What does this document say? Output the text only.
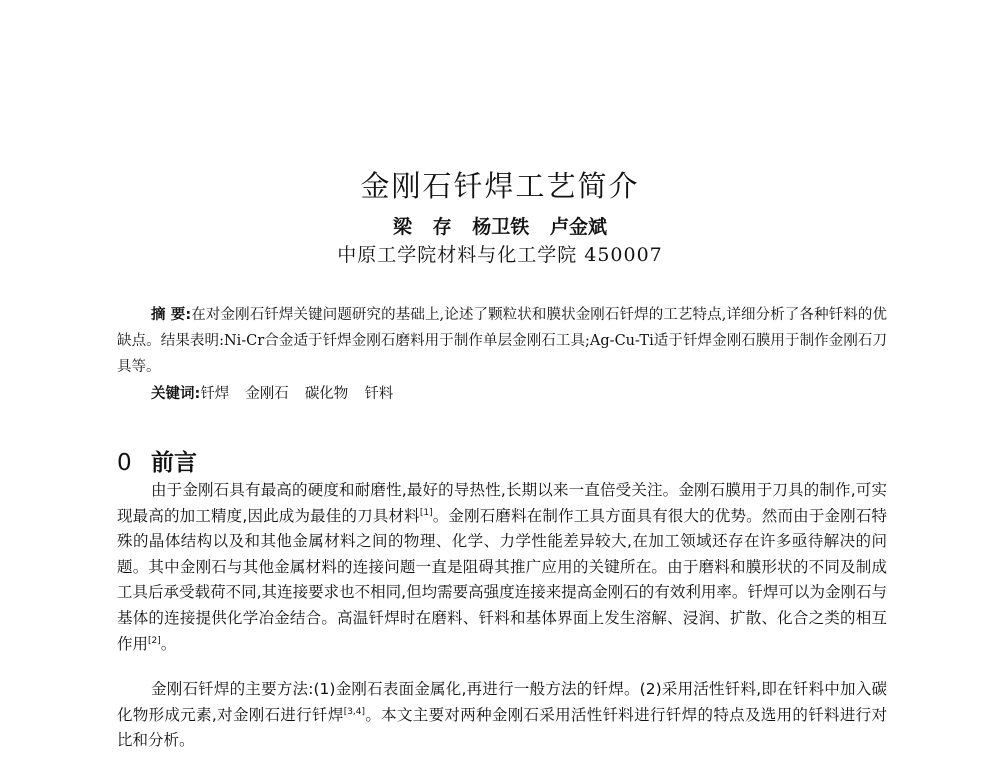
金刚石钎焊工艺简介
梁 存 杨卫铁 卢金斌
中原工学院材料与化工学院 450007

摘 要:在对金刚石钎焊关键问题研究的基础上,论述了颗粒状和膜状金刚石钎焊的工艺特点,详细分析了各种钎料的优缺点。结果表明:Ni-Cr合金适于钎焊金刚石磨料用于制作单层金刚石工具;Ag-Cu-Ti适于钎焊金刚石膜用于制作金刚石刀具等。

关键词:钎焊 金刚石 碳化物 钎料
0 前言

由于金刚石具有最高的硬度和耐磨性,最好的导热性,长期以来一直倍受关注。金刚石膜用于刀具的制作,可实现最高的加工精度,因此成为最佳的刀具材料[1]。金刚石磨料在制作工具方面具有很大的优势。然而由于金刚石特殊的晶体结构以及和其他金属材料之间的物理、化学、力学性能差异较大,在加工领域还存在许多亟待解决的问题。其中金刚石与其他金属材料的连接问题一直是阻碍其推广应用的关键所在。由于磨料和膜形状的不同及制成工具后承受载荷不同,其连接要求也不相同,但均需要高强度连接来提高金刚石的有效利用率。钎焊可以为金刚石与基体的连接提供化学冶金结合。高温钎焊时在磨料、钎料和基体界面上发生溶解、浸润、扩散、化合之类的相互作用[2]。

金刚石钎焊的主要方法:(1)金刚石表面金属化,再进行一般方法的钎焊。(2)采用活性钎料,即在钎料中加入碳化物形成元素,对金刚石进行钎焊[3,4]。本文主要对两种金刚石采用活性钎料进行钎焊的特点及选用的钎料进行对比和分析。
